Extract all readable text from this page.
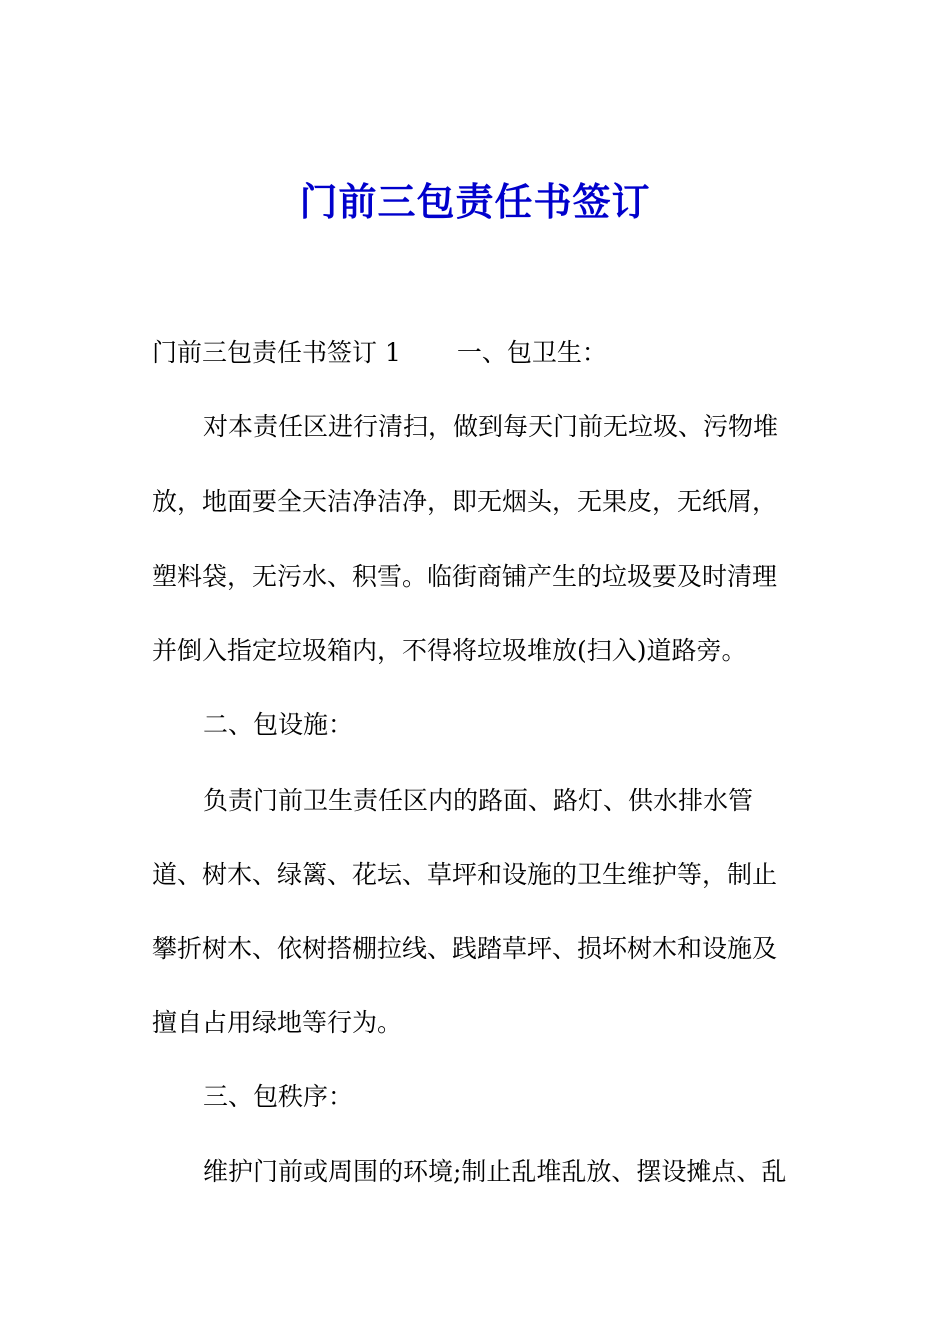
门前三包责任书签订
门前三包责任书签订 1 一、包卫生：
对本责任区进行清扫，做到每天门前无垃圾、污物堆
放，地面要全天洁净洁净，即无烟头，无果皮，无纸屑，
塑料袋，无污水、积雪。临街商铺产生的垃圾要及时清理
并倒入指定垃圾箱内，不得将垃圾堆放(扫入)道路旁。
二、包设施：
负责门前卫生责任区内的路面、路灯、供水排水管
道、树木、绿篱、花坛、草坪和设施的卫生维护等，制止
攀折树木、依树搭棚拉线、践踏草坪、损坏树木和设施及
擅自占用绿地等行为。
三、包秩序：
维护门前或周围的环境;制止乱堆乱放、摆设摊点、乱
